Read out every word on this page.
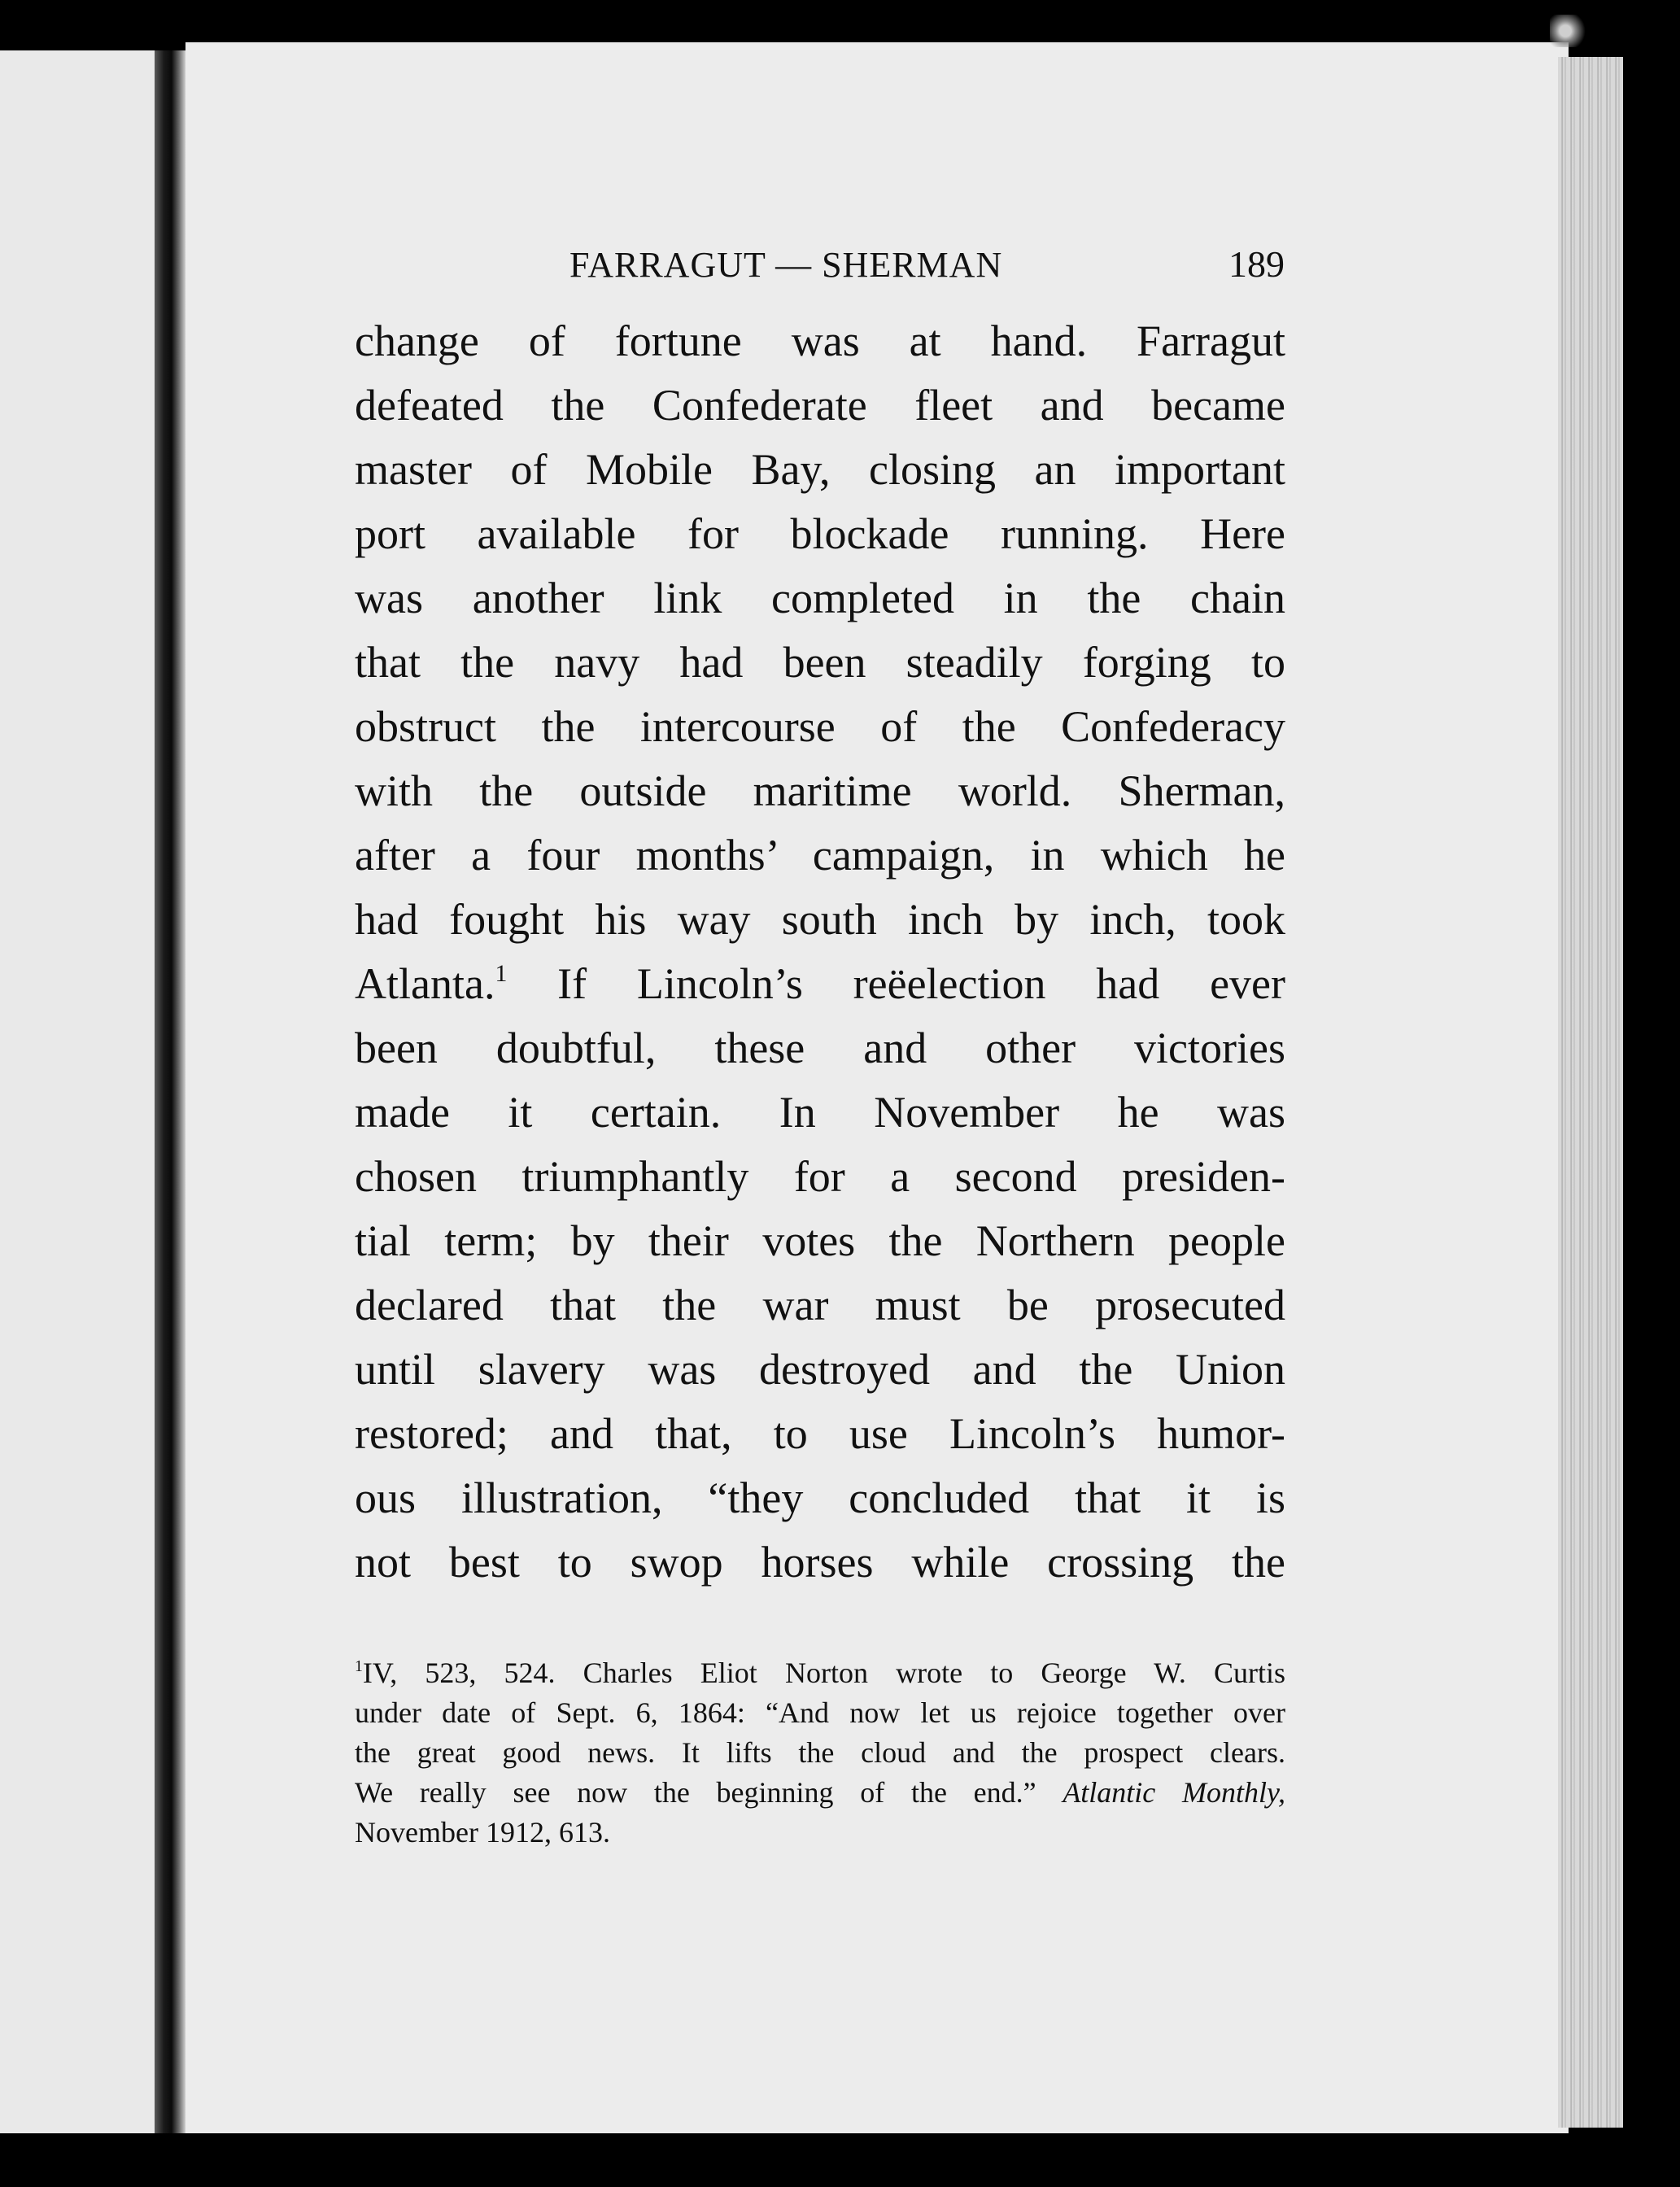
FARRAGUT — SHERMAN	189
change of fortune was at hand. Farragut
defeated the Confederate fleet and became
master of Mobile Bay, closing an important
port available for blockade running. Here
was another link completed in the chain
that the navy had been steadily forging to
obstruct the intercourse of the Confederacy
with the outside maritime world. Sherman,
after a four months’ campaign, in which he
had fought his way south inch by inch, took
Atlanta.$^1$ If Lincoln’s reëelection had ever
been doubtful, these and other victories
made it certain. In November he was
chosen triumphantly for a second presiden-
tial term; by their votes the Northern people
declared that the war must be prosecuted
until slavery was destroyed and the Union
restored; and that, to use Lincoln’s humor-
ous illustration, “they concluded that it is
not best to swop horses while crossing the
$^1$IV, 523, 524. Charles Eliot Norton wrote to George W. Curtis
under date of Sept. 6, 1864: “And now let us rejoice together over
the great good news. It lifts the cloud and the prospect clears.
We really see now the beginning of the end.” Atlantic Monthly,
November 1912, 613.
